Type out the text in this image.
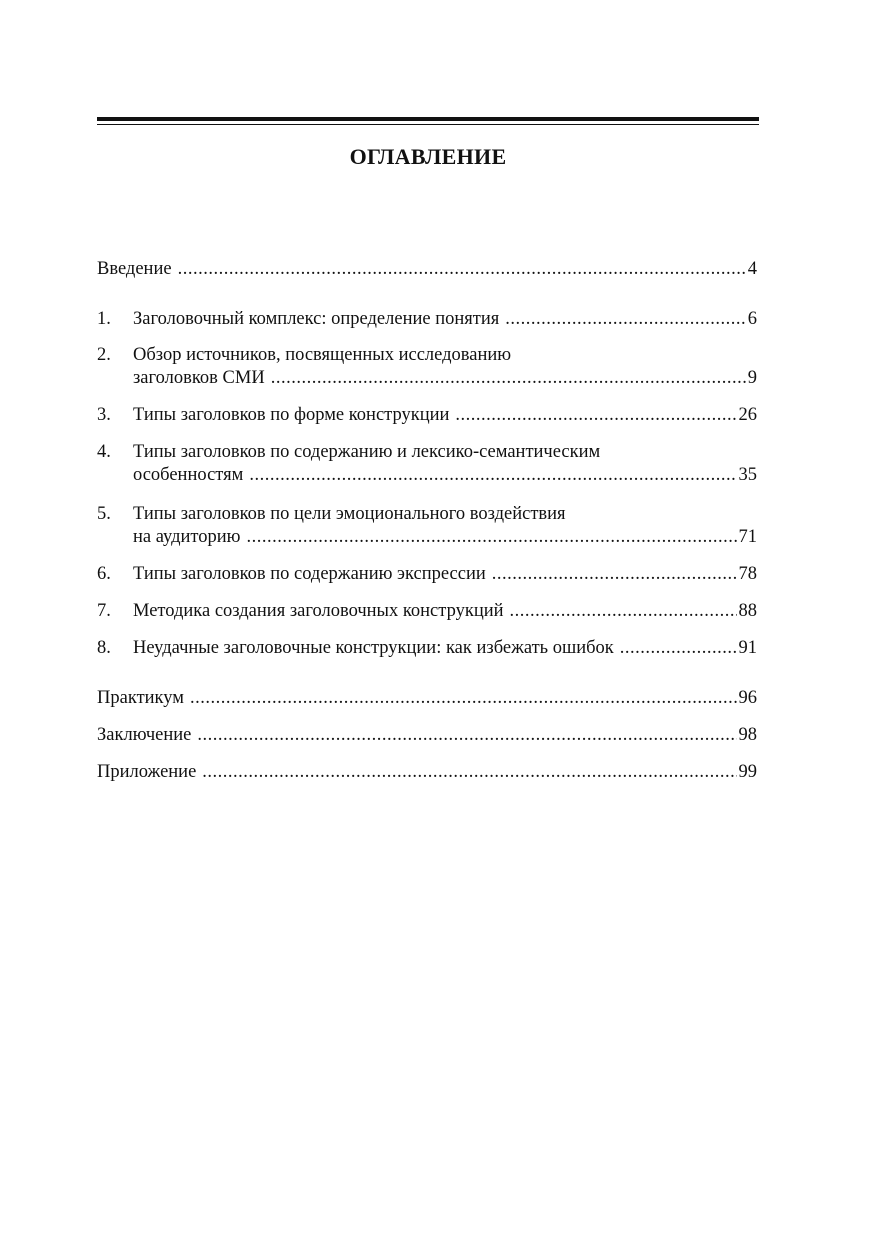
ОГЛАВЛЕНИЕ
Введение .....	4
1.	Заголовочный комплекс: определение понятия .....	6
2.	Обзор источников, посвященных исследованию
заголовков СМИ .....	9
3.	Типы заголовков по форме конструкции .....	26
4.	Типы заголовков по содержанию и лексико-семантическим
особенностям .....	35
5.	Типы заголовков по цели эмоционального воздействия
на аудиторию .....	71
6.	Типы заголовков по содержанию экспрессии .....	78
7.	Методика создания заголовочных конструкций .....	88
8.	Неудачные заголовочные конструкции: как избежать ошибок .....	91
Практикум .....	96
Заключение .....	98
Приложение .....	99
